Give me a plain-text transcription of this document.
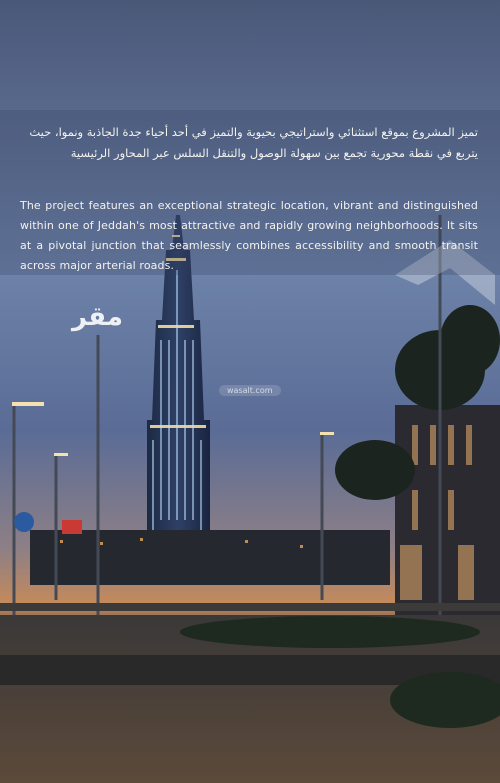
تميز المشروع بموقع استثنائي واستراتيجي بحيوية والتميز في أحد أحياء جدة الجاذبة ونموا، حيث يتربع في نقطة محورية تجمع بين سهولة الوصول والتنقل السلس عبر المحاور الرئيسية
The project features an exceptional strategic location, vibrant and distinguished within one of Jeddah's most attractive and rapidly growing neighborhoods. It sits at a pivotal junction that seamlessly combines accessibility and smooth transit across major arterial roads.
مقر
wasalt.com
